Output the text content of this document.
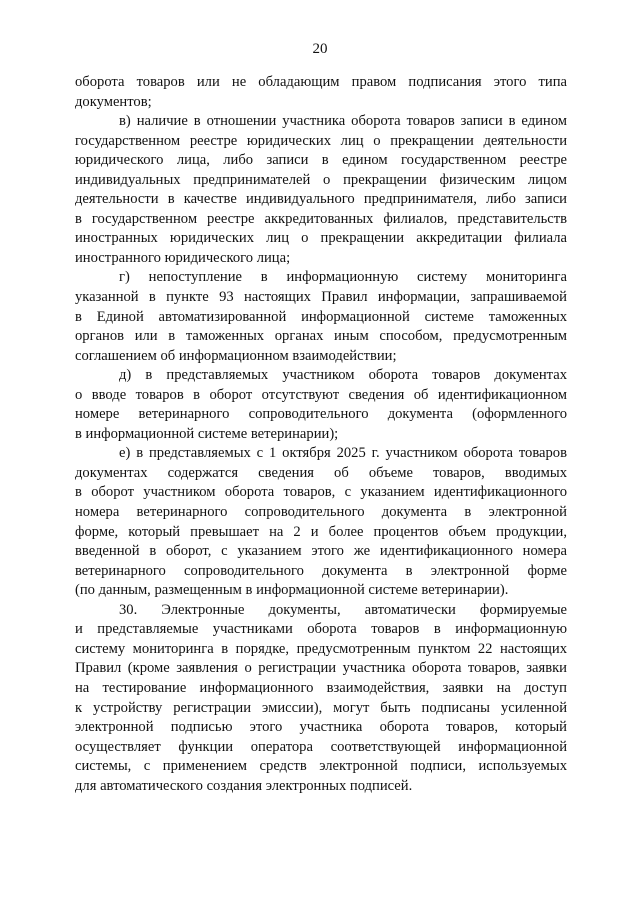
20
оборота товаров или не обладающим правом подписания этого типа
документов;
в) наличие в отношении участника оборота товаров записи в едином
государственном реестре юридических лиц о прекращении деятельности
юридического лица, либо записи в едином государственном реестре
индивидуальных предпринимателей о прекращении физическим лицом
деятельности в качестве индивидуального предпринимателя, либо записи
в государственном реестре аккредитованных филиалов, представительств
иностранных юридических лиц о прекращении аккредитации филиала
иностранного юридического лица;
г) непоступление в информационную систему мониторинга
указанной в пункте 93 настоящих Правил информации, запрашиваемой
в Единой автоматизированной информационной системе таможенных
органов или в таможенных органах иным способом, предусмотренным
соглашением об информационном взаимодействии;
д) в представляемых участником оборота товаров документах
о вводе товаров в оборот отсутствуют сведения об идентификационном
номере ветеринарного сопроводительного документа (оформленного
в информационной системе ветеринарии);
е) в представляемых с 1 октября 2025 г. участником оборота товаров
документах содержатся сведения об объеме товаров, вводимых
в оборот участником оборота товаров, с указанием идентификационного
номера ветеринарного сопроводительного документа в электронной
форме, который превышает на 2 и более процентов объем продукции,
введенной в оборот, с указанием этого же идентификационного номера
ветеринарного сопроводительного документа в электронной форме
(по данным, размещенным в информационной системе ветеринарии).
30. Электронные документы, автоматически формируемые
и представляемые участниками оборота товаров в информационную
систему мониторинга в порядке, предусмотренным пунктом 22 настоящих
Правил (кроме заявления о регистрации участника оборота товаров, заявки
на тестирование информационного взаимодействия, заявки на доступ
к устройству регистрации эмиссии), могут быть подписаны усиленной
электронной подписью этого участника оборота товаров, который
осуществляет функции оператора соответствующей информационной
системы, с применением средств электронной подписи, используемых
для автоматического создания электронных подписей.
